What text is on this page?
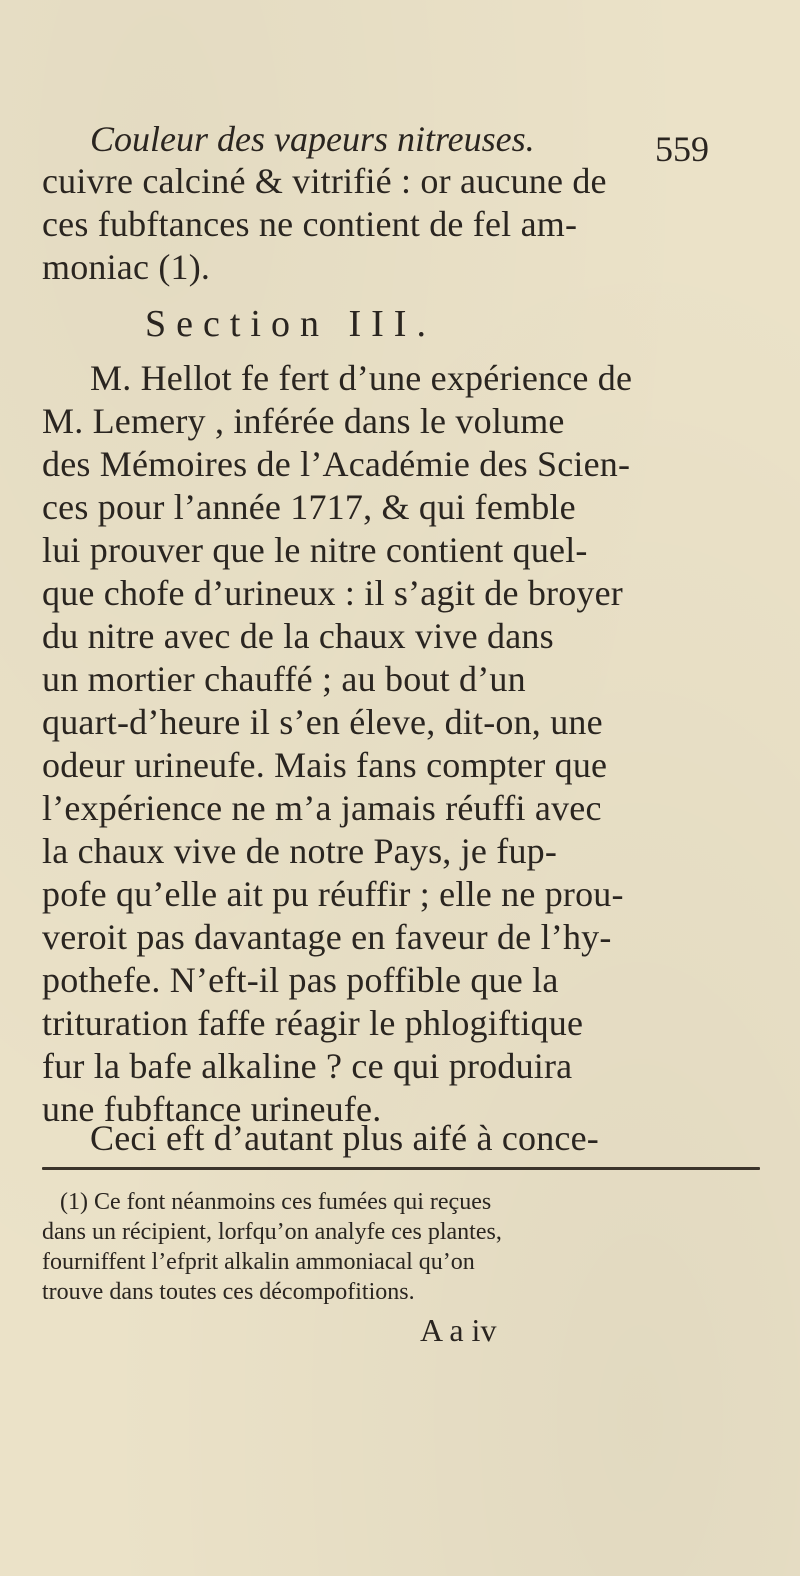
Couleur des vapeurs nitreuses.	559

cuivre calciné & vitrifié : or aucune de

ces fubftances ne contient de fel am-

moniac (1).

Section III.

M. Hellot fe fert d’une expérience de

M. Lemery , inférée dans le volume

des Mémoires de l’Académie des Scien-

ces pour l’année 1717, & qui femble

lui prouver que le nitre contient quel-

que chofe d’urineux : il s’agit de broyer

du nitre avec de la chaux vive dans

un mortier chauffé ; au bout d’un

quart-d’heure il s’en éleve, dit-on, une

odeur urineufe. Mais fans compter que

l’expérience ne m’a jamais réuffi avec

la chaux vive de notre Pays, je fup-

pofe qu’elle ait pu réuffir ; elle ne prou-

veroit pas davantage en faveur de l’hy-

pothefe. N’eft-il pas poffible que la

trituration faffe réagir le phlogiftique

fur la bafe alkaline ? ce qui produira

une fubftance urineufe.

Ceci eft d’autant plus aifé à conce-

(1) Ce font néanmoins ces fumées qui reçues

dans un récipient, lorfqu’on analyfe ces plantes,

fourniffent l’efprit alkalin ammoniacal qu’on

trouve dans toutes ces décompofitions.

A a iv
